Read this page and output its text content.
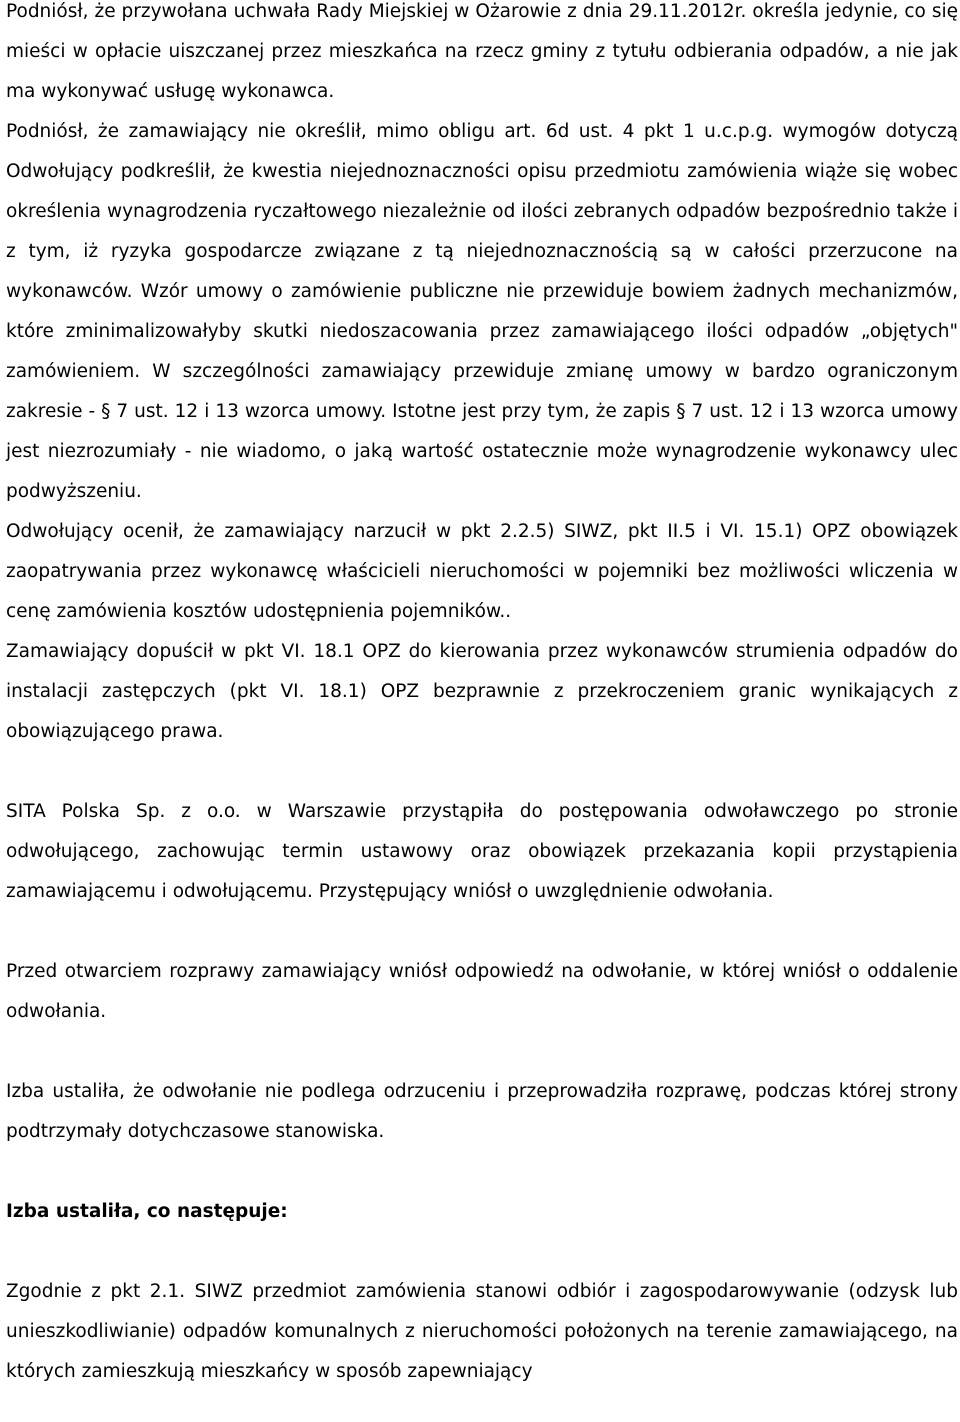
Podniósł, że przywołana uchwała Rady Miejskiej w Ożarowie z dnia 29.11.2012r. określa jedynie, co się mieści w opłacie uiszczanej przez mieszkańca na rzecz gminy z tytułu odbierania odpadów, a nie jak ma wykonywać usługę wykonawca.

Podniósł, że zamawiający nie określił, mimo obligu art. 6d ust. 4 pkt 1 u.c.p.g. wymogów dotyczą Odwołujący podkreślił, że kwestia niejednoznaczności opisu przedmiotu zamówienia wiąże się wobec określenia wynagrodzenia ryczałtowego niezależnie od ilości zebranych odpadów bezpośrednio także i z tym, iż ryzyka gospodarcze związane z tą niejednoznacznością są w całości przerzucone na wykonawców. Wzór umowy o zamówienie publiczne nie przewiduje bowiem żadnych mechanizmów, które zminimalizowałyby skutki niedoszacowania przez zamawiającego ilości odpadów „objętych" zamówieniem. W szczególności zamawiający przewiduje zmianę umowy w bardzo ograniczonym zakresie - § 7 ust. 12 i 13 wzorca umowy. Istotne jest przy tym, że zapis § 7 ust. 12 i 13 wzorca umowy jest niezrozumiały - nie wiadomo, o jaką wartość ostatecznie może wynagrodzenie wykonawcy ulec podwyższeniu.

Odwołujący ocenił, że zamawiający narzucił w pkt 2.2.5) SIWZ, pkt II.5 i VI. 15.1) OPZ obowiązek zaopatrywania przez wykonawcę właścicieli nieruchomości w pojemniki bez możliwości wliczenia w cenę zamówienia kosztów udostępnienia pojemników..

Zamawiający dopuścił w pkt VI. 18.1 OPZ do kierowania przez wykonawców strumienia odpadów do instalacji zastępczych (pkt VI. 18.1) OPZ bezprawnie z przekroczeniem granic wynikających z obowiązującego prawa.

SITA Polska Sp. z o.o. w Warszawie przystąpiła do postępowania odwoławczego po stronie odwołującego, zachowując termin ustawowy oraz obowiązek przekazania kopii przystąpienia zamawiającemu i odwołującemu. Przystępujący wniósł o uwzględnienie odwołania.

Przed otwarciem rozprawy zamawiający wniósł odpowiedź na odwołanie, w której wniósł o oddalenie odwołania.

Izba ustaliła, że odwołanie nie podlega odrzuceniu i przeprowadziła rozprawę, podczas której strony podtrzymały dotychczasowe stanowiska.

Izba ustaliła, co następuje:

Zgodnie z pkt 2.1. SIWZ przedmiot zamówienia stanowi odbiór i zagospodarowywanie (odzysk lub unieszkodliwianie) odpadów komunalnych z nieruchomości położonych na terenie zamawiającego, na których zamieszkują mieszkańcy w sposób zapewniający
